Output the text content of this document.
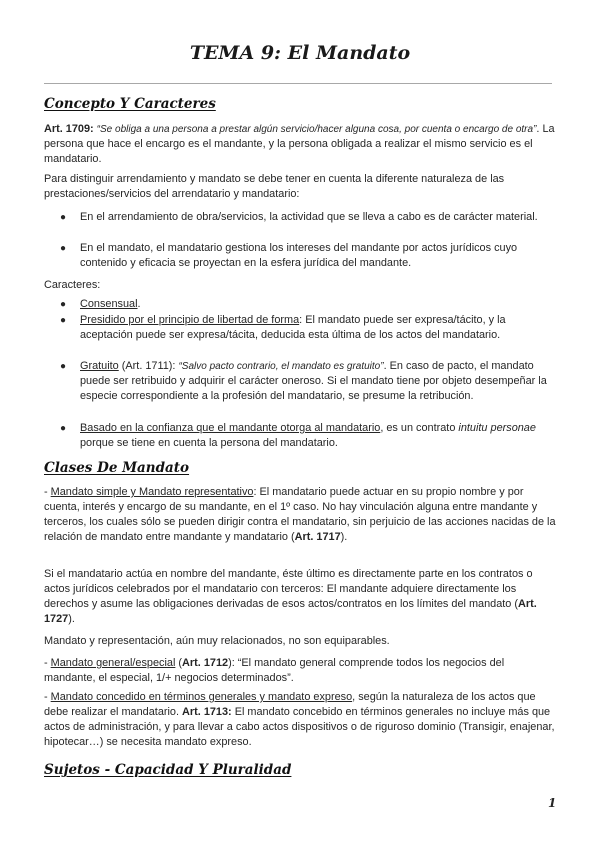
TEMA 9: El Mandato
Concepto Y Caracteres

Art. 1709: “Se obliga a una persona a prestar algún servicio/hacer alguna cosa, por cuenta o encargo de otra”. La persona que hace el encargo es el mandante, y la persona obligada a realizar el mismo servicio es el mandatario.

Para distinguir arrendamiento y mandato se debe tener en cuenta la diferente naturaleza de las prestaciones/servicios del arrendatario y mandatario:

● En el arrendamiento de obra/servicios, la actividad que se lleva a cabo es de carácter material.

● En el mandato, el mandatario gestiona los intereses del mandante por actos jurídicos cuyo contenido y eficacia se proyectan en la esfera jurídica del mandante.

Caracteres:

● Consensual.

● Presidido por el principio de libertad de forma: El mandato puede ser expresa/tácito, y la aceptación puede ser expresa/tácita, deducida esta última de los actos del mandatario.

● Gratuito (Art. 1711): “Salvo pacto contrario, el mandato es gratuito”. En caso de pacto, el mandato puede ser retribuido y adquirir el carácter oneroso. Si el mandato tiene por objeto desempeñar la especie correspondiente a la profesión del mandatario, se presume la retribución.

● Basado en la confianza que el mandante otorga al mandatario, es un contrato intuitu personae porque se tiene en cuenta la persona del mandatario.

Clases De Mandato

- Mandato simple y Mandato representativo: El mandatario puede actuar en su propio nombre y por cuenta, interés y encargo de su mandante, en el 1º caso. No hay vinculación alguna entre mandante y terceros, los cuales sólo se pueden dirigir contra el mandatario, sin perjuicio de las acciones nacidas de la relación de mandato entre mandante y mandatario (Art. 1717).

Si el mandatario actúa en nombre del mandante, éste último es directamente parte en los contratos o actos jurídicos celebrados por el mandatario con terceros: El mandante adquiere directamente los derechos y asume las obligaciones derivadas de esos actos/contratos en los límites del mandato (Art. 1727).

Mandato y representación, aún muy relacionados, no son equiparables.

- Mandato general/especial (Art. 1712): “El mandato general comprende todos los negocios del mandante, el especial, 1/+ negocios determinados”.

- Mandato concedido en términos generales y mandato expreso, según la naturaleza de los actos que debe realizar el mandatario. Art. 1713: El mandato concebido en términos generales no incluye más que actos de administración, y para llevar a cabo actos dispositivos o de riguroso dominio (Transigir, enajenar, hipotecar…) se necesita mandato expreso.

Sujetos - Capacidad Y Pluralidad

1
